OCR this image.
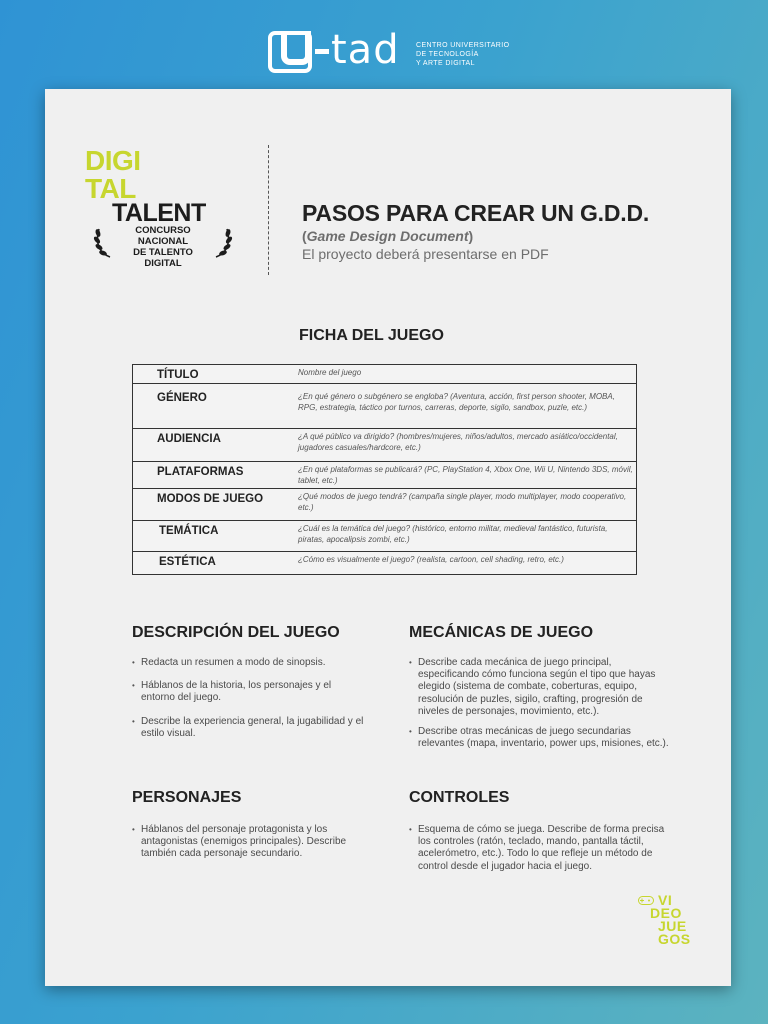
tad CENTRO UNIVERSITARIO
DE TECNOLOGÍA
Y ARTE DIGITAL
DIGI
TAL
TALENT
CONCURSO NACIONAL
DE TALENTO DIGITAL
PASOS PARA CREAR UN G.D.D.
(Game Design Document)
El proyecto deberá presentarse en PDF
FICHA DEL JUEGO
TÍTULO	Nombre del juego
GÉNERO	¿En qué género o subgénero se engloba? (Aventura, acción, first person shooter, MOBA, RPG, estrategia, táctico por turnos, carreras, deporte, sigilo, sandbox, puzle, etc.)
AUDIENCIA	¿A qué público va dirigido? (hombres/mujeres, niños/adultos, mercado asiático/occidental, jugadores casuales/hardcore, etc.)
PLATAFORMAS	¿En qué plataformas se publicará? (PC, PlayStation 4, Xbox One, Wii U, Nintendo 3DS, móvil, tablet, etc.)
MODOS DE JUEGO	¿Qué modos de juego tendrá? (campaña single player, modo multiplayer, modo cooperativo, etc.)
TEMÁTICA	¿Cuál es la temática del juego? (histórico, entorno militar, medieval fantástico, futurista, piratas, apocalipsis zombi, etc.)
ESTÉTICA	¿Cómo es visualmente el juego? (realista, cartoon, cell shading, retro, etc.)
DESCRIPCIÓN DEL JUEGO
• Redacta un resumen a modo de sinopsis.
• Háblanos de la historia, los personajes y el entorno del juego.
• Describe la experiencia general, la jugabilidad y el estilo visual.
MECÁNICAS DE JUEGO
• Describe cada mecánica de juego principal, especificando cómo funciona según el tipo que hayas elegido (sistema de combate, coberturas, equipo, resolución de puzles, sigilo, crafting, progresión de niveles de personajes, movimiento, etc.).
• Describe otras mecánicas de juego secundarias relevantes (mapa, inventario, power ups, misiones, etc.).
PERSONAJES
• Háblanos del personaje protagonista y los antagonistas (enemigos principales). Describe también cada personaje secundario.
CONTROLES
• Esquema de cómo se juega. Describe de forma precisa los controles (ratón, teclado, mando, pantalla táctil, acelerómetro, etc.). Todo lo que refleje un método de control desde el jugador hacia el juego.
VI
DEO
JUE
GOS
